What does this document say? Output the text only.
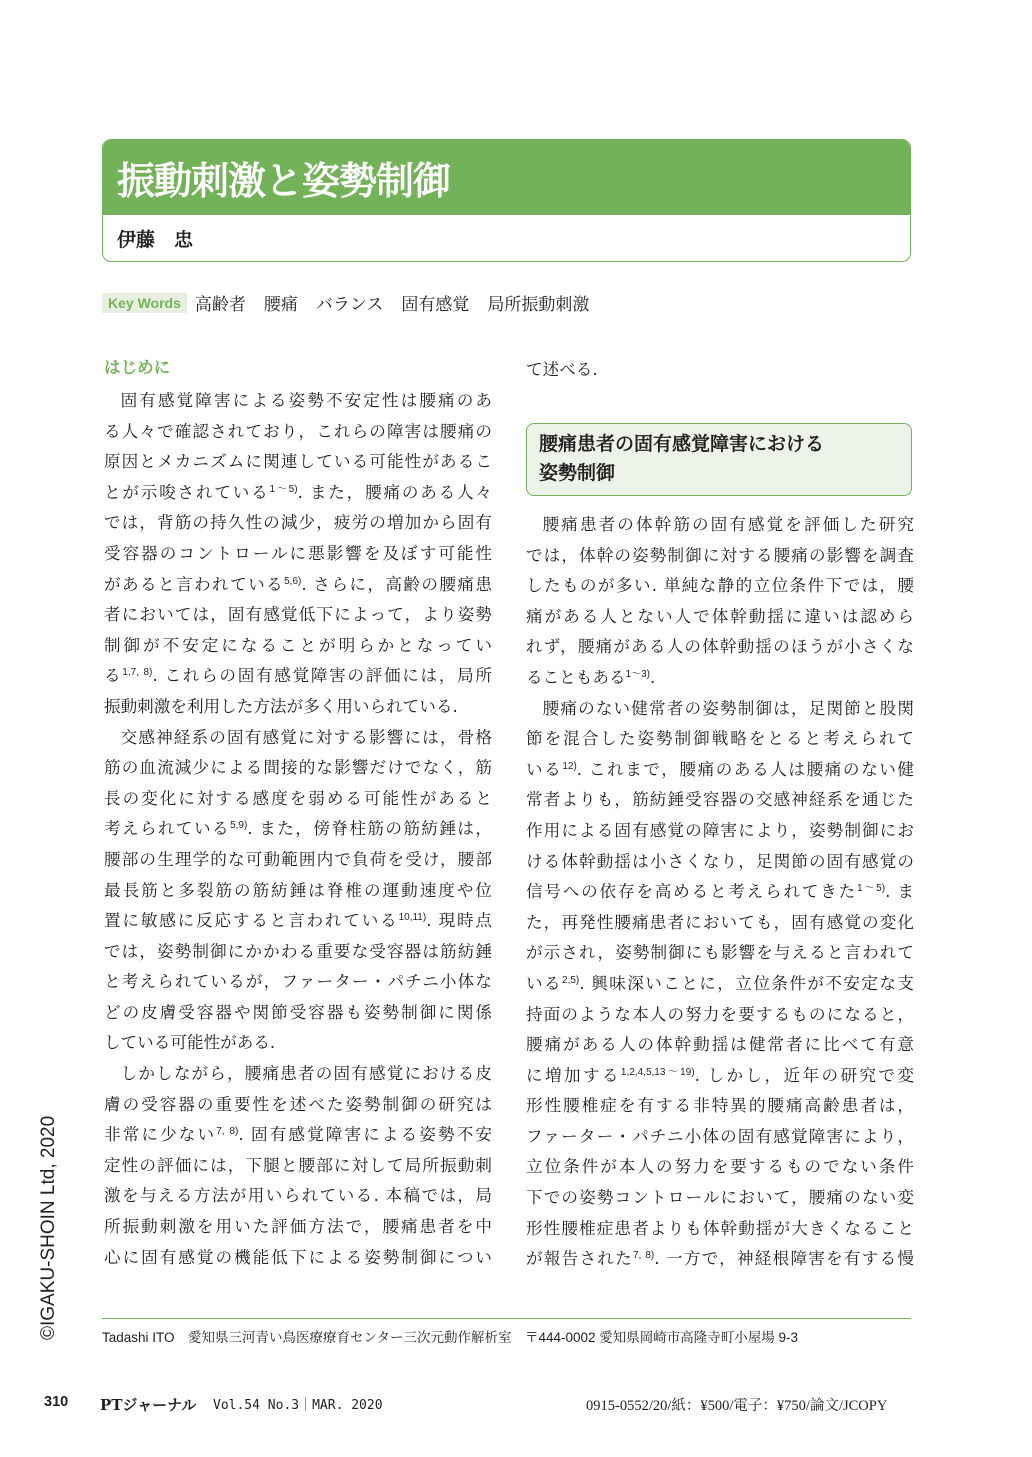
振動刺激と姿勢制御
伊藤　忠
Key Words 高齢者 腰痛 バランス 固有感覚 局所振動刺激
はじめに
固有感覚障害による姿勢不安定性は腰痛のあ
る人々で確認されており，これらの障害は腰痛の
原因とメカニズムに関連している可能性があるこ
とが示唆されている$^{1\sim 5)}$. また，腰痛のある人々
では，背筋の持久性の減少，疲労の増加から固有
受容器のコントロールに悪影響を及ぼす可能性
があると言われている$^{5,6)}$. さらに，高齢の腰痛患
者においては，固有感覚低下によって，より姿勢
制御が不安定になることが明らかとなってい
る$^{1,7, 8)}$. これらの固有感覚障害の評価には，局所
振動刺激を利用した方法が多く用いられている.
交感神経系の固有感覚に対する影響には，骨格
筋の血流減少による間接的な影響だけでなく，筋
長の変化に対する感度を弱める可能性があると
考えられている$^{5,9)}$. また，傍脊柱筋の筋紡錘は，
腰部の生理学的な可動範囲内で負荷を受け，腰部
最長筋と多裂筋の筋紡錘は脊椎の運動速度や位
置に敏感に反応すると言われている$^{10,11)}$. 現時点
では，姿勢制御にかかわる重要な受容器は筋紡錘
と考えられているが，ファーター・パチニ小体な
どの皮膚受容器や関節受容器も姿勢制御に関係
している可能性がある.
しかしながら，腰痛患者の固有感覚における皮
膚の受容器の重要性を述べた姿勢制御の研究は
非常に少ない$^{7, 8)}$. 固有感覚障害による姿勢不安
定性の評価には，下腿と腰部に対して局所振動刺
激を与える方法が用いられている. 本稿では，局
所振動刺激を用いた評価方法で，腰痛患者を中
心に固有感覚の機能低下による姿勢制御につい
て述べる.
腰痛患者の固有感覚障害における
姿勢制御
腰痛患者の体幹筋の固有感覚を評価した研究
では，体幹の姿勢制御に対する腰痛の影響を調査
したものが多い. 単純な静的立位条件下では，腰
痛がある人とない人で体幹動揺に違いは認めら
れず，腰痛がある人の体幹動揺のほうが小さくな
ることもある$^{1\sim 3)}$.
腰痛のない健常者の姿勢制御は，足関節と股関
節を混合した姿勢制御戦略をとると考えられて
いる$^{12)}$. これまで，腰痛のある人は腰痛のない健
常者よりも，筋紡錘受容器の交感神経系を通じた
作用による固有感覚の障害により，姿勢制御にお
ける体幹動揺は小さくなり，足関節の固有感覚の
信号への依存を高めると考えられてきた$^{1\sim 5)}$. ま
た，再発性腰痛患者においても，固有感覚の変化
が示され，姿勢制御にも影響を与えると言われて
いる$^{2,5)}$. 興味深いことに，立位条件が不安定な支
持面のような本人の努力を要するものになると，
腰痛がある人の体幹動揺は健常者に比べて有意
に増加する$^{1,2,4,5,13\sim 19)}$. しかし，近年の研究で変
形性腰椎症を有する非特異的腰痛高齢患者は，
ファーター・パチニ小体の固有感覚障害により，
立位条件が本人の努力を要するものでない条件
下での姿勢コントロールにおいて，腰痛のない変
形性腰椎症患者よりも体幹動揺が大きくなること
が報告された$^{7, 8)}$. 一方で，神経根障害を有する慢
©IGAKU-SHOIN Ltd, 2020	Tadashi ITO　愛知県三河青い鳥医療療育センター三次元動作解析室　〒444-0002 愛知県岡崎市高隆寺町小屋場 9-3
310 PTジャーナル Vol.54 No.3｜MAR. 2020	0915-0552/20/紙：¥500/電子：¥750/論文/JCOPY
